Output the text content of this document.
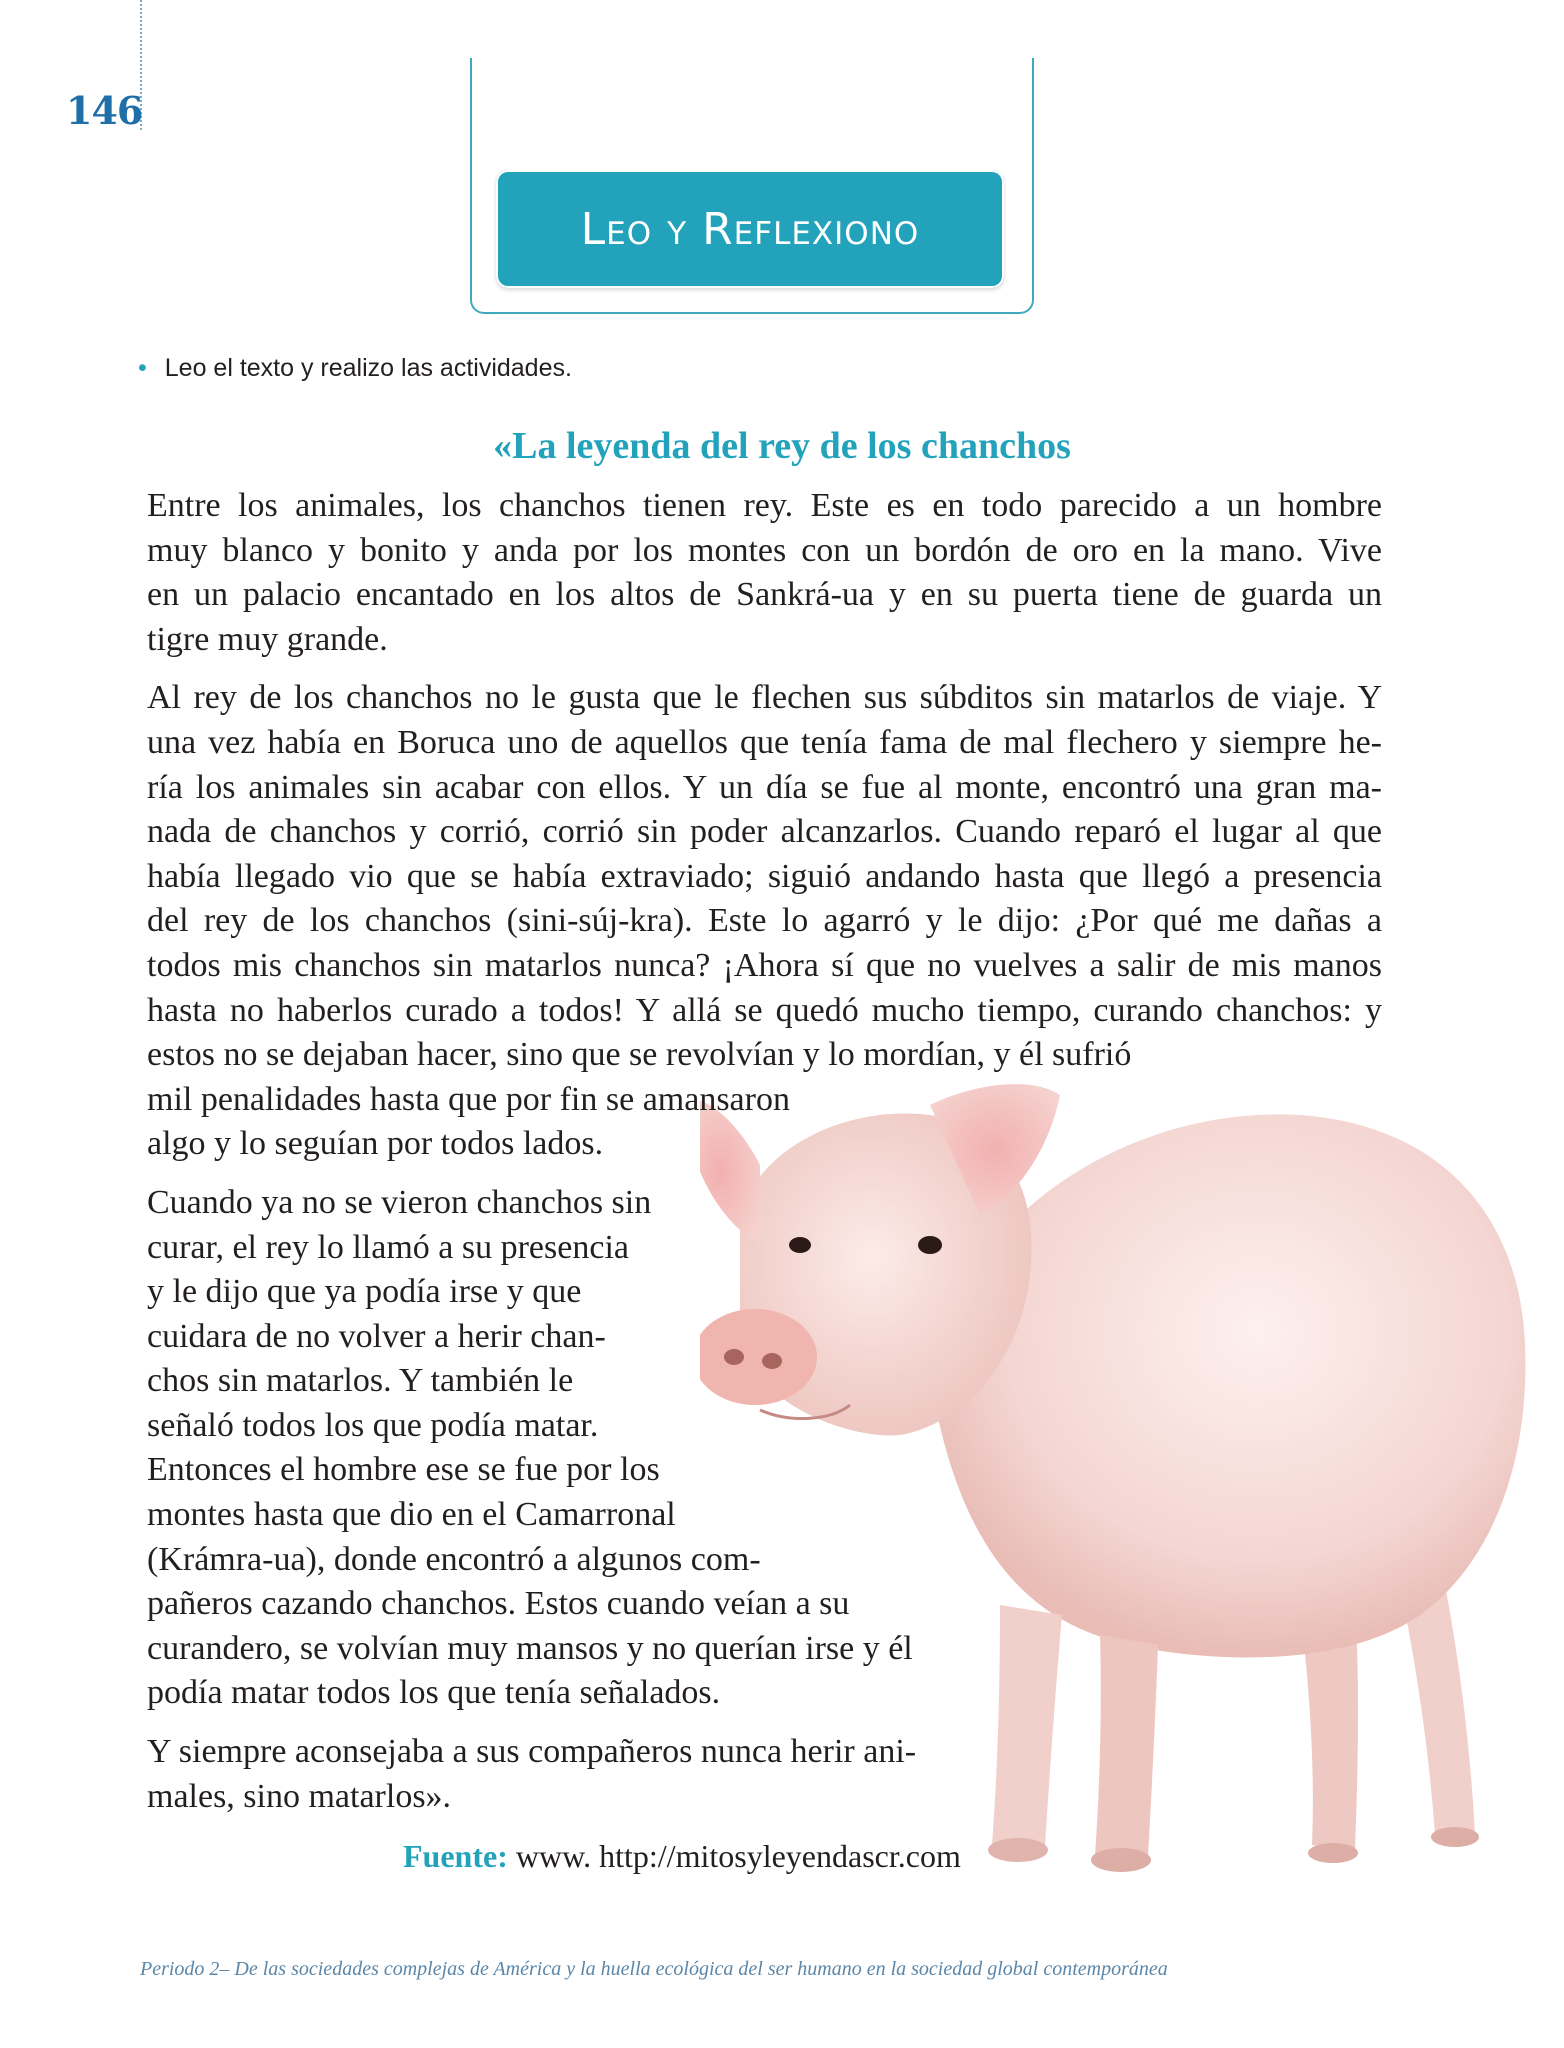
146
Leo y Reflexiono
• Leo el texto y realizo las actividades.
«La leyenda del rey de los chanchos
Entre los animales, los chanchos tienen rey. Este es en todo parecido a un hombre
muy blanco y bonito y anda por los montes con un bordón de oro en la mano. Vive
en un palacio encantado en los altos de Sankrá-ua y en su puerta tiene de guarda un
tigre muy grande.
Al rey de los chanchos no le gusta que le flechen sus súbditos sin matarlos de viaje. Y
una vez había en Boruca uno de aquellos que tenía fama de mal flechero y siempre he-
ría los animales sin acabar con ellos. Y un día se fue al monte, encontró una gran ma-
nada de chanchos y corrió, corrió sin poder alcanzarlos. Cuando reparó el lugar al que
había llegado vio que se había extraviado; siguió andando hasta que llegó a presencia
del rey de los chanchos (sini-súj-kra). Este lo agarró y le dijo: ¿Por qué me dañas a
todos mis chanchos sin matarlos nunca? ¡Ahora sí que no vuelves a salir de mis manos
hasta no haberlos curado a todos! Y allá se quedó mucho tiempo, curando chanchos: y
estos no se dejaban hacer, sino que se revolvían y lo mordían, y él sufrió
mil penalidades hasta que por fin se amansaron
algo y lo seguían por todos lados.
Cuando ya no se vieron chanchos sin
curar, el rey lo llamó a su presencia
y le dijo que ya podía irse y que
cuidara de no volver a herir chan-
chos sin matarlos. Y también le
señaló todos los que podía matar.
Entonces el hombre ese se fue por los
montes hasta que dio en el Camarronal
(Krámra-ua), donde encontró a algunos com-
pañeros cazando chanchos. Estos cuando veían a su
curandero, se volvían muy mansos y no querían irse y él
podía matar todos los que tenía señalados.
Y siempre aconsejaba a sus compañeros nunca herir ani-
males, sino matarlos».
Fuente: www. http://mitosyleyendascr.com
Periodo 2– De las sociedades complejas de América y la huella ecológica del ser humano en la sociedad global contemporánea
